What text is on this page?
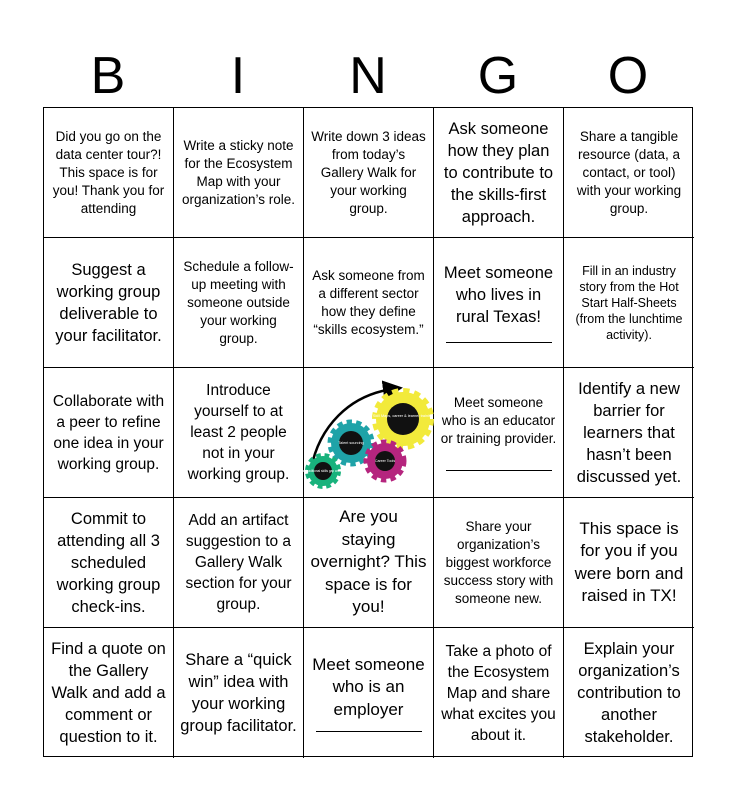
B	I	N	G	O
Did you go on the data center tour?! This space is for you! Thank you for attending
Write a sticky note for the Ecosystem Map with your organization’s role.
Write down 3 ideas from today’s Gallery Walk for your working group.
Ask someone how they plan to contribute to the skills-first approach.
Share a tangible resource (data, a contact, or tool) with your working group.
Suggest a working group deliverable to your facilitator.
Schedule a follow-up meeting with someone outside your working group.
Ask someone from a different sector how they define “skills ecosystem.”
Meet someone who lives in rural Texas!
Fill in an industry story from the Hot Start Half-Sheets (from the lunchtime activity).
Collaborate with a peer to refine one idea in your working group.
Introduce yourself to at least 2 people not in your working group.
Skill Maps, career & learner training
Talent sourcing
Career Tools
Non-traditional skills gap analysis
Meet someone who is an educator or training provider.
Identify a new barrier for learners that hasn’t been discussed yet.
Commit to attending all 3 scheduled working group check-ins.
Add an artifact suggestion to a Gallery Walk section for your group.
Are you staying overnight? This space is for you!
Share your organization’s biggest workforce success story with someone new.
This space is for you if you were born and raised in TX!
Find a quote on the Gallery Walk and add a comment or question to it.
Share a “quick win” idea with your working group facilitator.
Meet someone who is an employer
Take a photo of the Ecosystem Map and share what excites you about it.
Explain your organization’s contribution to another stakeholder.
